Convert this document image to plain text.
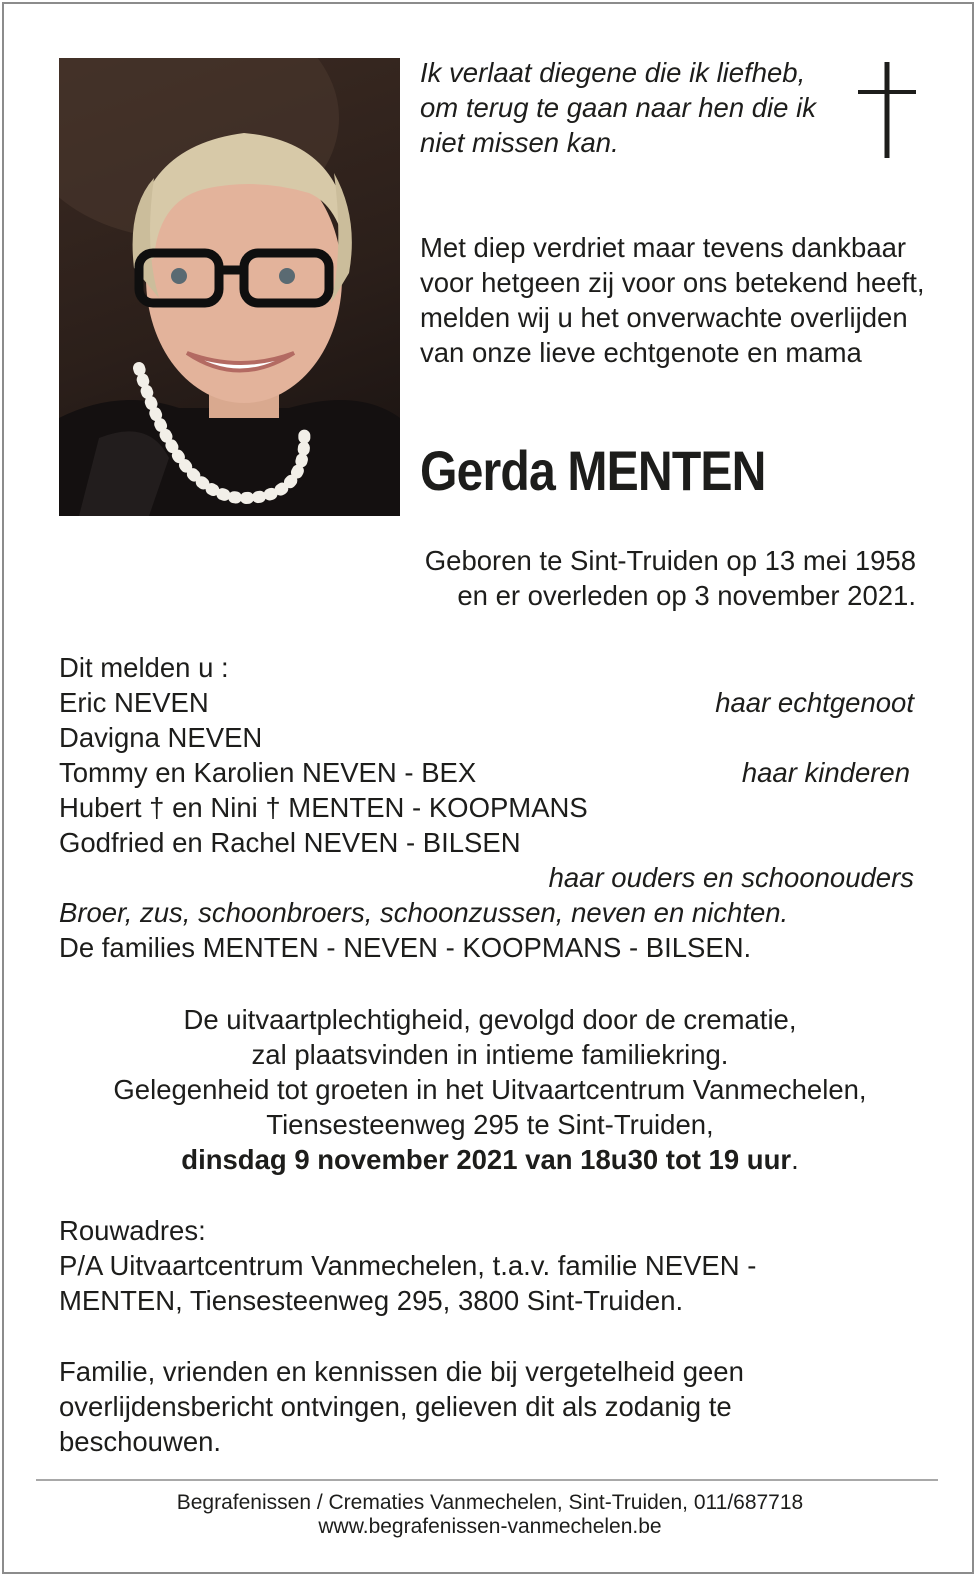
Ik verlaat diegene die ik liefheb, om terug te gaan naar hen die ik niet missen kan.

Met diep verdriet maar tevens dankbaar voor hetgeen zij voor ons betekend heeft, melden wij u het onverwachte overlijden van onze lieve echtgenote en mama

Gerda MENTEN
Geboren te Sint-Truiden op 13 mei 1958
en er overleden op 3 november 2021.
Dit melden u :
Eric NEVEN	haar echtgenoot
Davigna NEVEN
Tommy en Karolien NEVEN - BEX	haar kinderen
Hubert † en Nini † MENTEN - KOOPMANS
Godfried en Rachel NEVEN - BILSEN
haar ouders en schoonouders
Broer, zus, schoonbroers, schoonzussen, neven en nichten.
De families MENTEN - NEVEN - KOOPMANS - BILSEN.
De uitvaartplechtigheid, gevolgd door de crematie,
zal plaatsvinden in intieme familiekring.
Gelegenheid tot groeten in het Uitvaartcentrum Vanmechelen,
Tiensesteenweg 295 te Sint-Truiden,
dinsdag 9 november 2021 van 18u30 tot 19 uur.
Rouwadres:
P/A Uitvaartcentrum Vanmechelen, t.a.v. familie NEVEN - MENTEN, Tiensesteenweg 295, 3800 Sint-Truiden.
Familie, vrienden en kennissen die bij vergetelheid geen overlijdensbericht ontvingen, gelieven dit als zodanig te beschouwen.
Begrafenissen / Crematies Vanmechelen, Sint-Truiden, 011/687718
www.begrafenissen-vanmechelen.be
